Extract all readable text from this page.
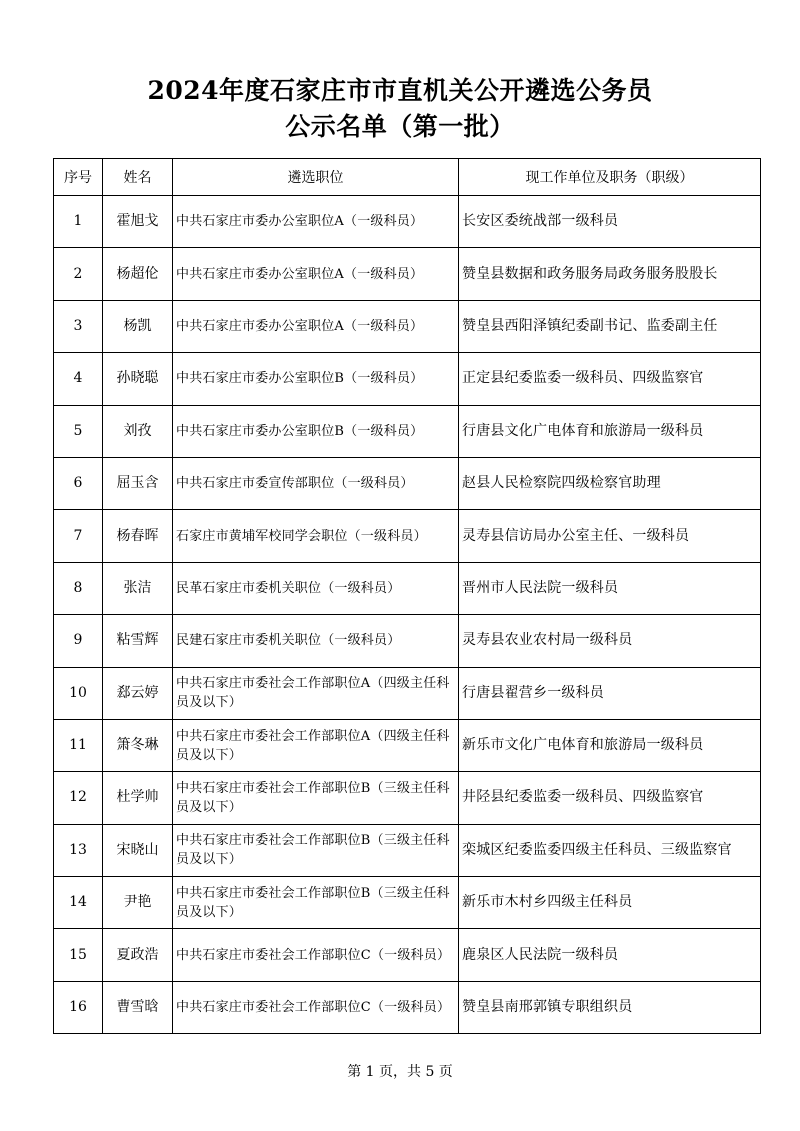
2024年度石家庄市市直机关公开遴选公务员
公示名单（第一批）
序号	姓名	遴选职位	现工作单位及职务（职级）
1	霍旭戈	中共石家庄市委办公室职位A（一级科员）	长安区委统战部一级科员
2	杨超伦	中共石家庄市委办公室职位A（一级科员）	赞皇县数据和政务服务局政务服务股股长
3	杨凯	中共石家庄市委办公室职位A（一级科员）	赞皇县西阳泽镇纪委副书记、监委副主任
4	孙晓聪	中共石家庄市委办公室职位B（一级科员）	正定县纪委监委一级科员、四级监察官
5	刘孜	中共石家庄市委办公室职位B（一级科员）	行唐县文化广电体育和旅游局一级科员
6	屈玉含	中共石家庄市委宣传部职位（一级科员）	赵县人民检察院四级检察官助理
7	杨春晖	石家庄市黄埔军校同学会职位（一级科员）	灵寿县信访局办公室主任、一级科员
8	张洁	民革石家庄市委机关职位（一级科员）	晋州市人民法院一级科员
9	粘雪辉	民建石家庄市委机关职位（一级科员）	灵寿县农业农村局一级科员
10	郄云婷	中共石家庄市委社会工作部职位A（四级主任科员及以下）	行唐县翟营乡一级科员
11	箫冬琳	中共石家庄市委社会工作部职位A（四级主任科员及以下）	新乐市文化广电体育和旅游局一级科员
12	杜学帅	中共石家庄市委社会工作部职位B（三级主任科员及以下）	井陉县纪委监委一级科员、四级监察官
13	宋晓山	中共石家庄市委社会工作部职位B（三级主任科员及以下）	栾城区纪委监委四级主任科员、三级监察官
14	尹艳	中共石家庄市委社会工作部职位B（三级主任科员及以下）	新乐市木村乡四级主任科员
15	夏政浩	中共石家庄市委社会工作部职位C（一级科员）	鹿泉区人民法院一级科员
16	曹雪晗	中共石家庄市委社会工作部职位C（一级科员）	赞皇县南邢郭镇专职组织员
第 1 页，共 5 页
